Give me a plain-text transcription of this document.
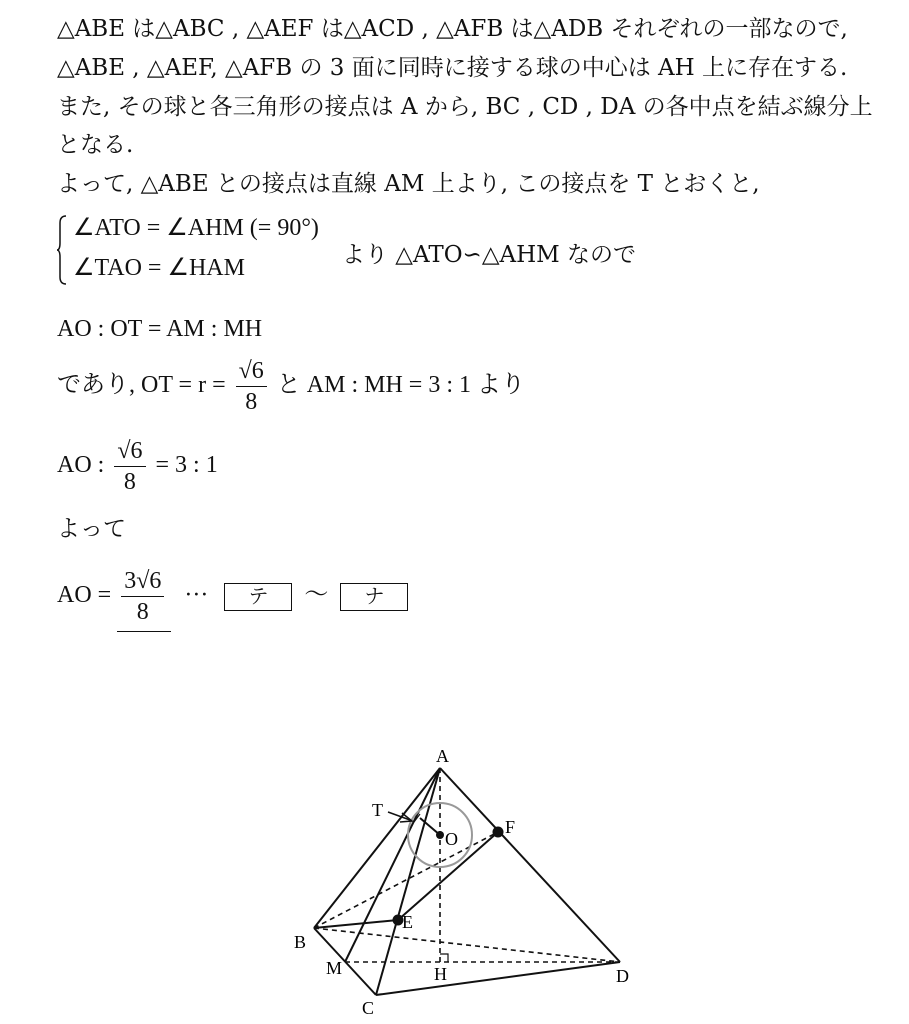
△ABE は△ABC , △AEF は△ACD , △AFB は△ADB それぞれの一部なので,
△ABE , △AEF, △AFB の 3 面に同時に接する球の中心は AH 上に存在する.
また, その球と各三角形の接点は A から, BC , CD , DA の各中点を結ぶ線分上
となる.
よって, △ABE との接点は直線 AM 上より, この接点を T とおくと,
∠ATO = ∠AHM (= 90°)
∠TAO = ∠HAM	より △ATO∽△AHM なので
AO : OT = AM : MH
であり, OT = $r = \frac{√6}{8}$ と AM : MH = 3 : 1 より
AO : $\frac{√6}{8} = 3$ : 1
よって
AO = $\frac{3√6}{8}$ ··· テ 〜 ナ
A
T
O
F
E
B
M	H	D
C
